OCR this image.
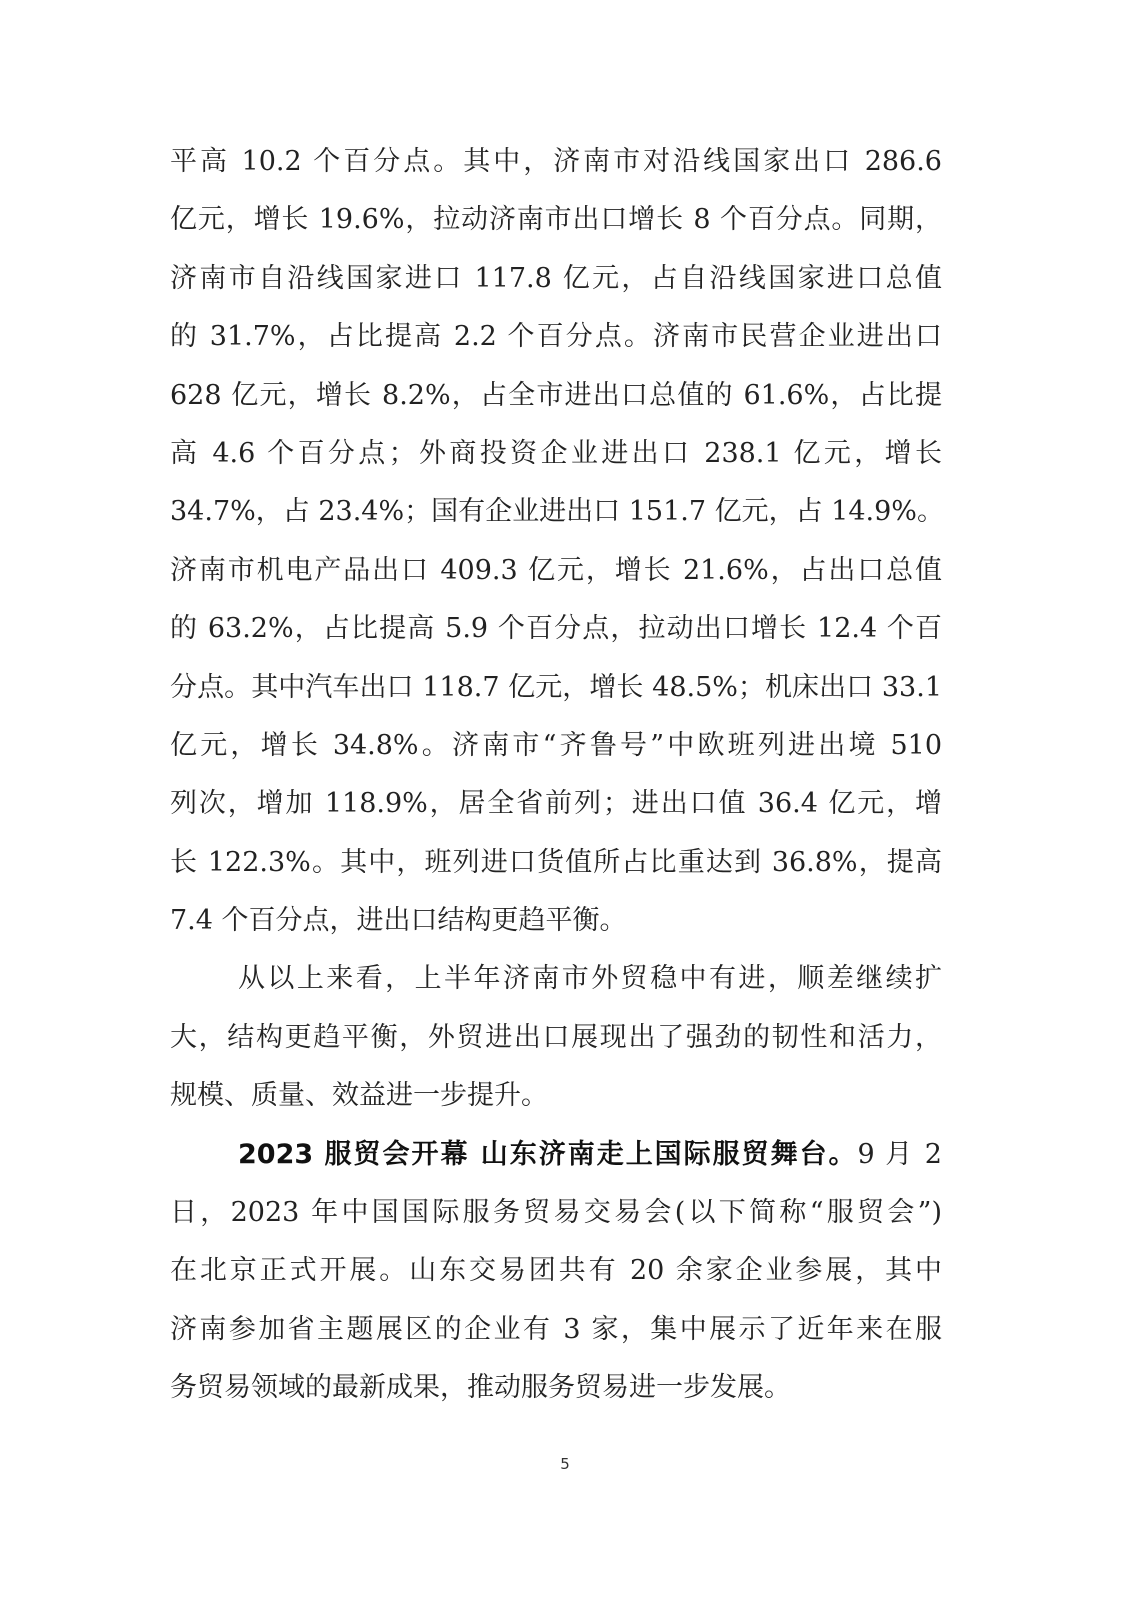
平高 10.2 个百分点。其中，济南市对沿线国家出口 286.6
亿元，增长 19.6%，拉动济南市出口增长 8 个百分点。同期，
济南市自沿线国家进口 117.8 亿元，占自沿线国家进口总值
的 31.7%，占比提高 2.2 个百分点。济南市民营企业进出口
628 亿元，增长 8.2%，占全市进出口总值的 61.6%，占比提
高 4.6 个百分点；外商投资企业进出口 238.1 亿元，增长
34.7%，占 23.4%；国有企业进出口 151.7 亿元，占 14.9%。
济南市机电产品出口 409.3 亿元，增长 21.6%，占出口总值
的 63.2%，占比提高 5.9 个百分点，拉动出口增长 12.4 个百
分点。其中汽车出口 118.7 亿元，增长 48.5%；机床出口 33.1
亿元，增长 34.8%。济南市“齐鲁号”中欧班列进出境 510
列次，增加 118.9%，居全省前列；进出口值 36.4 亿元，增
长 122.3%。其中，班列进口货值所占比重达到 36.8%，提高
7.4 个百分点，进出口结构更趋平衡。
从以上来看，上半年济南市外贸稳中有进，顺差继续扩
大，结构更趋平衡，外贸进出口展现出了强劲的韧性和活力，
规模、质量、效益进一步提升。
2023 服贸会开幕 山东济南走上国际服贸舞台。9 月 2
日，2023 年中国国际服务贸易交易会(以下简称“服贸会”)
在北京正式开展。山东交易团共有 20 余家企业参展，其中
济南参加省主题展区的企业有 3 家，集中展示了近年来在服
务贸易领域的最新成果，推动服务贸易进一步发展。
5
